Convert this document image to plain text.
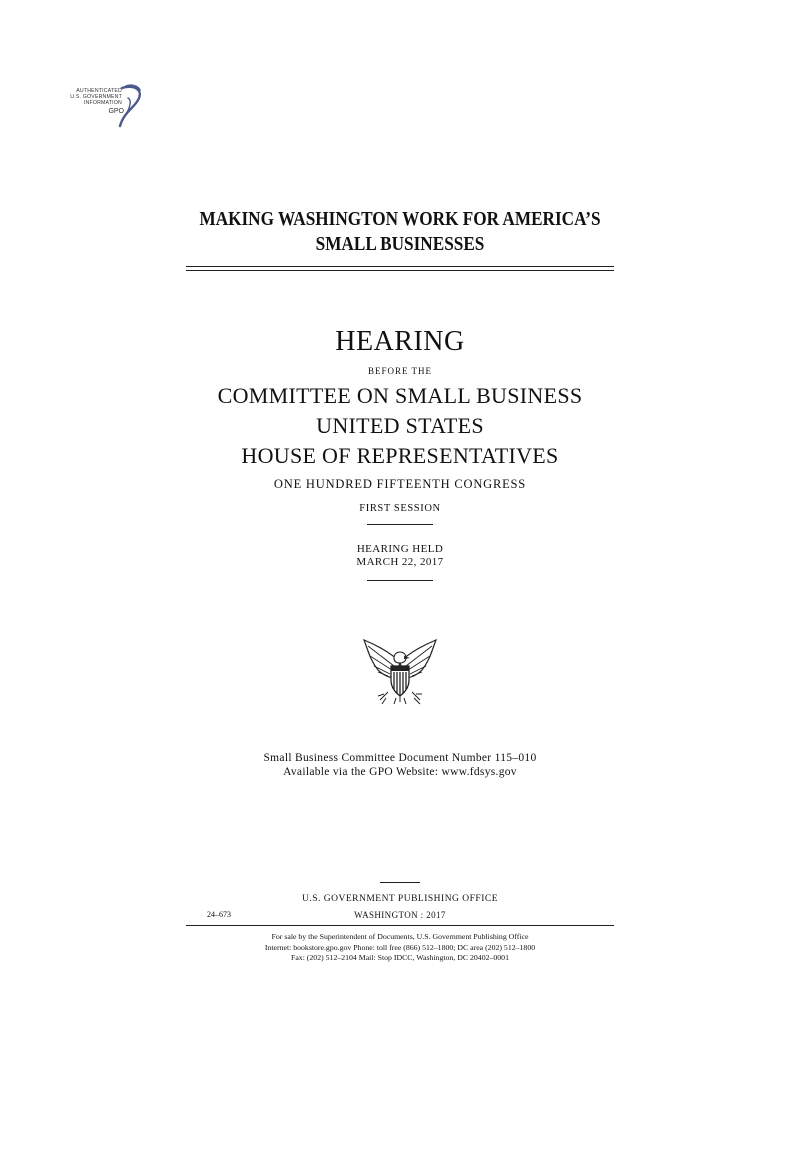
AUTHENTICATED
U.S. GOVERNMENT
INFORMATION
GPO
MAKING WASHINGTON WORK FOR AMERICA’S
SMALL BUSINESSES
HEARING
BEFORE THE
COMMITTEE ON SMALL BUSINESS
UNITED STATES
HOUSE OF REPRESENTATIVES
ONE HUNDRED FIFTEENTH CONGRESS
FIRST SESSION
HEARING HELD
MARCH 22, 2017
Small Business Committee Document Number 115–010
Available via the GPO Website: www.fdsys.gov
U.S. GOVERNMENT PUBLISHING OFFICE
24–673	WASHINGTON : 2017
For sale by the Superintendent of Documents, U.S. Government Publishing Office
Internet: bookstore.gpo.gov Phone: toll free (866) 512–1800; DC area (202) 512–1800
Fax: (202) 512–2104 Mail: Stop IDCC, Washington, DC 20402–0001
